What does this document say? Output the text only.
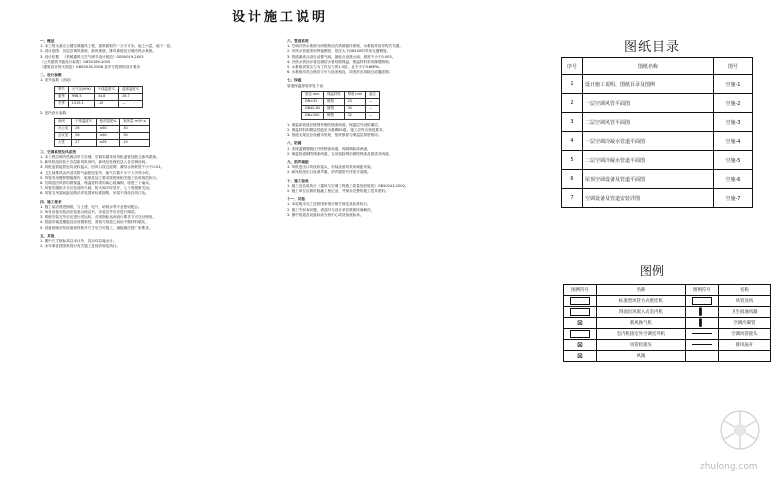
设计施工说明

一、概述

1. 本工程为某办公楼空调通风工程，建筑面积约一万平方米，地上六层，地下一层。

2. 设计范围：各层空调风系统、新风系统、排风系统及空调冷热水系统。

3. 设计依据：《采暖通风与空气调节设计规范》GB50019-2003

《公共建筑节能设计标准》GB50189-2005

《建筑设计防火规范》GB50016-2006 及甲方提供的设计要求

二、设计参数

1. 室外参数（济南）：

季节	大气压(hPa)	干球温度℃	湿球温度℃
夏季	998.5	34.8	26.7
冬季	1019.1	-10	—

2. 室内设计参数：

房间	干球温度℃	相对湿度%	新风量 m³/h·p
办公室	26	≤60	30
会议室	26	≤60	30
大堂	27	≤65	10

三、空调系统及风系统

1. 本工程空调冷热源由甲方自理，空调末端采用风机盘管加独立新风系统。

2. 新风机组吊装于各层新风机房内，新风经处理后送入各空调房间。

3. 风机盘管接管处均设软接头，回风口设过滤网，凝结水管坡度不小于0.01。

4. 卫生间排风由吊顶式排气扇排至室外，换气次数不小于十次每小时。

5. 风管采用镀锌钢板制作，板厚及加工要求按国家相关施工验收规范执行。

6. 空调送回风管均做保温，保温材料采用离心玻璃棉，厚度三十毫米。

7. 风管穿越防火分区处设防火阀，防火阀平时常开，七十度熔断关闭。

8. 风管支吊架间距及做法详见国家标准图集，吊架不得设在风口处。

四、施工要求

1. 施工前应熟悉图纸，与土建、电气、给排水等专业密切配合。

2. 所有设备安装前应检查合格证书，安装完毕后应进行调试。

3. 系统安装完毕后应进行试运转，各项指标达到设计要求方可交付使用。

4. 管道穿墙及楼板处应设钢套管，套管与管道之间用不燃材料填实。

5. 设备基础应待设备到货核对尺寸后方可施工，减振做法按厂家要求。

五、其他

1. 图中尺寸除标高以米计外，其余均以毫米计。

2. 未尽事宜按国家现行有关施工及验收规范执行。

六、管道系统

1. 空调冷热水系统为两管制闭式机械循环系统，水系统采用异程式布置。

2. 冷热水管道采用焊接钢管，管径大于DN100时采用无缝钢管。

3. 管道最高点设自动排气阀，最低点设泄水阀，坡度不小于0.003。

4. 冷热水供回水管及凝结水管均做保温，保温材料采用橡塑海绵。

5. 水系统试验压力为工作压力的1.5倍，且不小于0.6MPa。

6. 水系统冲洗合格后方可与设备相连，冲洗时应拆除过滤器滤网。

七、保温

管道保温厚度详见下表：

管径 mm	保温材料	厚度 mm	备注
DN≤32	橡塑	25	—
DN40-80	橡塑	30	—
DN≥100	橡塑	32	—

1. 保温前管道应除锈并刷防锈漆两道，保温层外设防潮层。

2. 保温材料的燃烧性能应为难燃B1级，施工应符合规范要求。

3. 管道支架处应设硬木垫块，垫块厚度与保温层厚度相同。

八、防腐

1. 非保温钢管刷红丹防锈漆两道，再刷调和漆两道。

2. 保温管道刷防锈漆两道，支吊架除锈后刷防锈漆及面漆各两道。

九、消声减振

1. 风机进出口均设软接头，吊装设备均采用减振吊架。

2. 新风机组出口设消声器，消声器型号详见平面图。

十、施工验收

1. 施工及验收执行《通风与空调工程施工质量验收规范》GB50243-2002。

2. 施工单位应做好隐蔽工程记录，并保存完整的施工技术资料。

十一、其他

1. 本说明未尽之处按国家现行相关规范及标准执行。

2. 施工中如有问题，请及时与设计单位联系协商解决。

3. 图中管道及设备标高为管中心或设备底标高。

图纸目录
序号	图纸名称	图号
1	设计施工说明、图纸目录及图例	空施-1
2	一层空调风管平面图	空施-2
3	二层空调风管平面图	空施-3
4	一层空调冷凝水管道平面图	空施-4
5	二层空调冷凝水管道平面图	空施-5
6	屋顶空调设备及管道平面图	空施-6
7	空调设备及管道安装详图	空施-7
图例
图例符号	名称	图例符号	名称
	标准型风管方式壁挂机		风管送风
	四面出风嵌入式室内机	▌	卫生间通风器
⊠	新风换气机	▌	空调冷凝管
	室内机接室外空调室外机		空调风管接头
⊠	风管软接头		排风扇开
⊠	风阀		
zhulong.com
